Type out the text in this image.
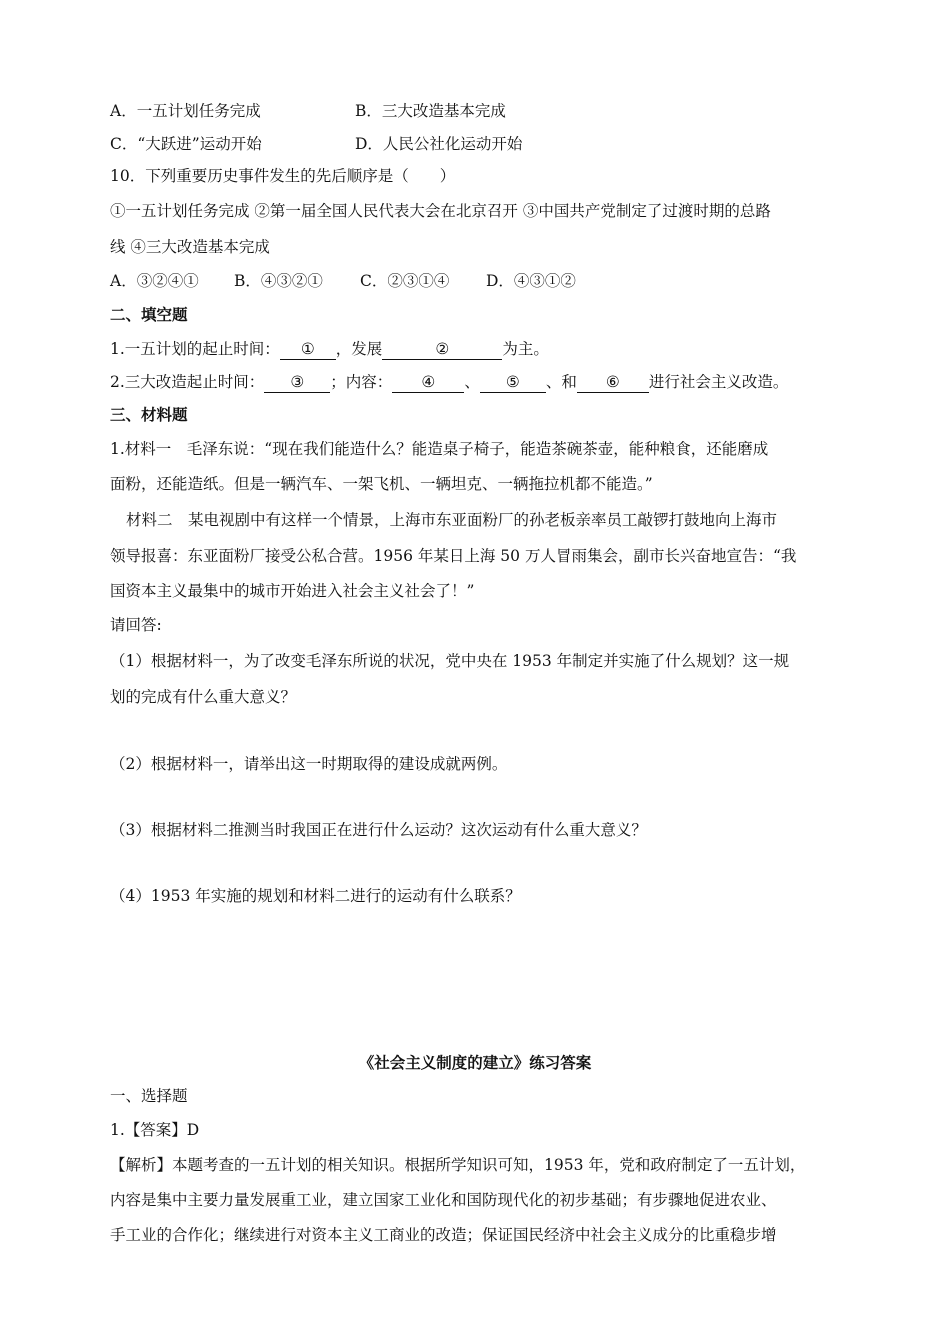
A．一五计划任务完成	B．三大改造基本完成
C．“大跃进”运动开始	D．人民公社化运动开始
10．下列重要历史事件发生的先后顺序是（　　）
①一五计划任务完成 ②第一届全国人民代表大会在北京召开 ③中国共产党制定了过渡时期的总路
线 ④三大改造基本完成
A．③②④① B．④③②① C．②③①④ D．④③①②
二、填空题
1.一五计划的起止时间： ① ，发展	②	为主。
2.三大改造起止时间： ③ ；内容： ④ 、 ⑤ 、和 ⑥ 进行社会主义改造。
三、材料题
1.材料一　毛泽东说：“现在我们能造什么？能造桌子椅子，能造茶碗茶壶，能种粮食，还能磨成
面粉，还能造纸。但是一辆汽车、一架飞机、一辆坦克、一辆拖拉机都不能造。”
材料二　某电视剧中有这样一个情景，上海市东亚面粉厂的孙老板亲率员工敲锣打鼓地向上海市
领导报喜：东亚面粉厂接受公私合营。1956 年某日上海 50 万人冒雨集会，副市长兴奋地宣告：“我
国资本主义最集中的城市开始进入社会主义社会了！”
请回答:
（1）根据材料一，为了改变毛泽东所说的状况，党中央在 1953 年制定并实施了什么规划？这一规
划的完成有什么重大意义？
（2）根据材料一，请举出这一时期取得的建设成就两例。
（3）根据材料二推测当时我国正在进行什么运动？这次运动有什么重大意义？
（4）1953 年实施的规划和材料二进行的运动有什么联系？
《社会主义制度的建立》练习答案
一、选择题
1.【答案】D
【解析】本题考查的一五计划的相关知识。根据所学知识可知，1953 年，党和政府制定了一五计划，
内容是集中主要力量发展重工业，建立国家工业化和国防现代化的初步基础；有步骤地促进农业、
手工业的合作化；继续进行对资本主义工商业的改造；保证国民经济中社会主义成分的比重稳步增
